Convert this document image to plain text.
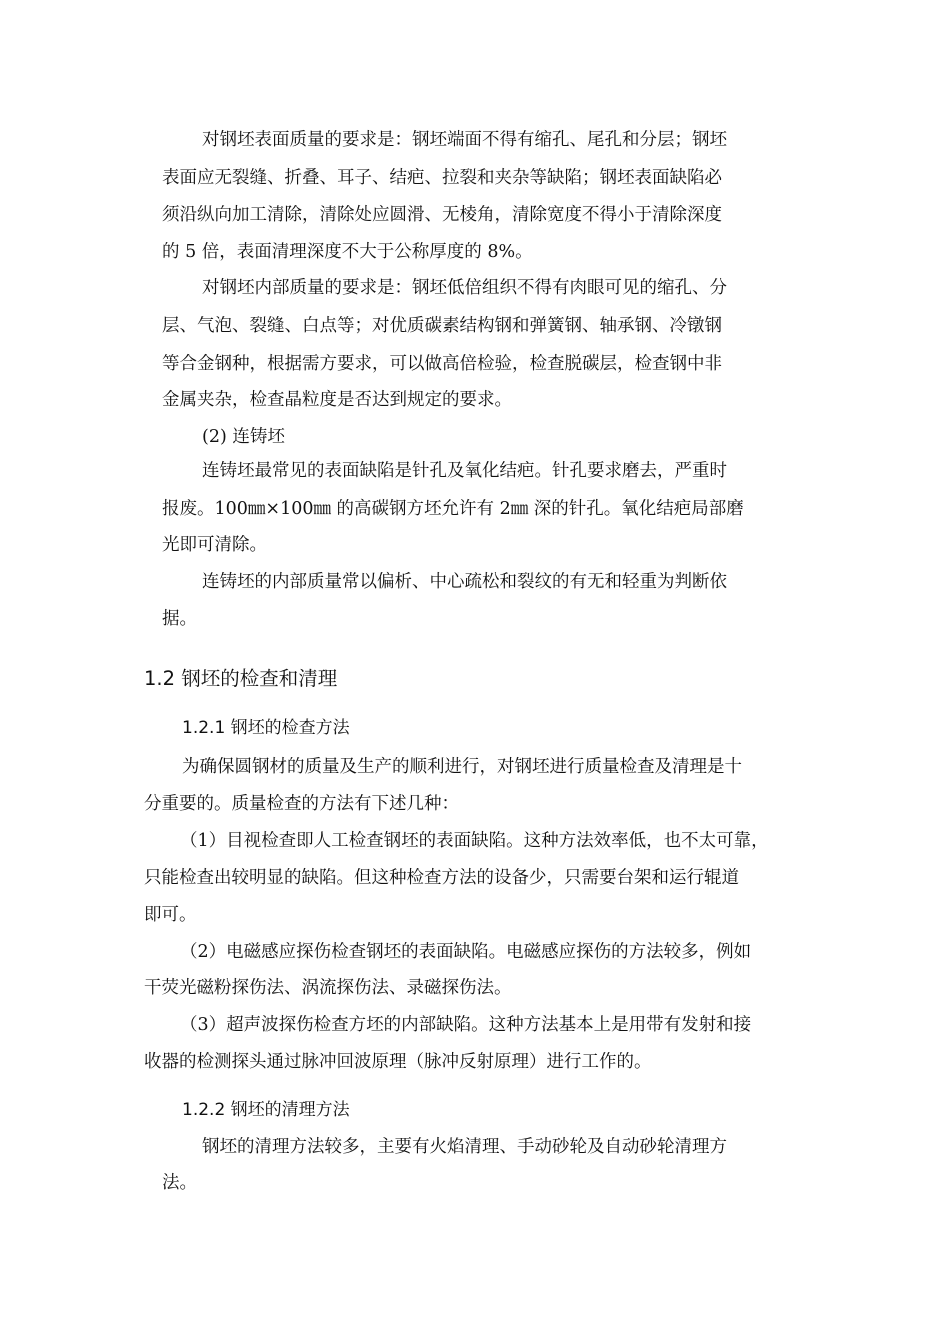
对钢坯表面质量的要求是：钢坯端面不得有缩孔、尾孔和分层；钢坯
表面应无裂缝、折叠、耳子、结疤、拉裂和夹杂等缺陷；钢坯表面缺陷必
须沿纵向加工清除，清除处应圆滑、无棱角，清除宽度不得小于清除深度
的 5 倍，表面清理深度不大于公称厚度的 8%。
对钢坯内部质量的要求是：钢坯低倍组织不得有肉眼可见的缩孔、分
层、气泡、裂缝、白点等；对优质碳素结构钢和弹簧钢、轴承钢、冷镦钢
等合金钢种，根据需方要求，可以做高倍检验，检查脱碳层，检查钢中非
金属夹杂，检查晶粒度是否达到规定的要求。
(2) 连铸坯
连铸坯最常见的表面缺陷是针孔及氧化结疤。针孔要求磨去，严重时
报废。100㎜×100㎜ 的高碳钢方坯允许有 2㎜ 深的针孔。氧化结疤局部磨
光即可清除。
连铸坯的内部质量常以偏析、中心疏松和裂纹的有无和轻重为判断依
据。
1.2 钢坯的检查和清理
1.2.1 钢坯的检查方法
为确保圆钢材的质量及生产的顺利进行，对钢坯进行质量检查及清理是十
分重要的。质量检查的方法有下述几种：
（1）目视检查即人工检查钢坯的表面缺陷。这种方法效率低，也不太可靠，
只能检查出较明显的缺陷。但这种检查方法的设备少，只需要台架和运行辊道
即可。
（2）电磁感应探伤检查钢坯的表面缺陷。电磁感应探伤的方法较多，例如
干荧光磁粉探伤法、涡流探伤法、录磁探伤法。
（3）超声波探伤检查方坯的内部缺陷。这种方法基本上是用带有发射和接
收器的检测探头通过脉冲回波原理（脉冲反射原理）进行工作的。
1.2.2 钢坯的清理方法
钢坯的清理方法较多，主要有火焰清理、手动砂轮及自动砂轮清理方
法。
